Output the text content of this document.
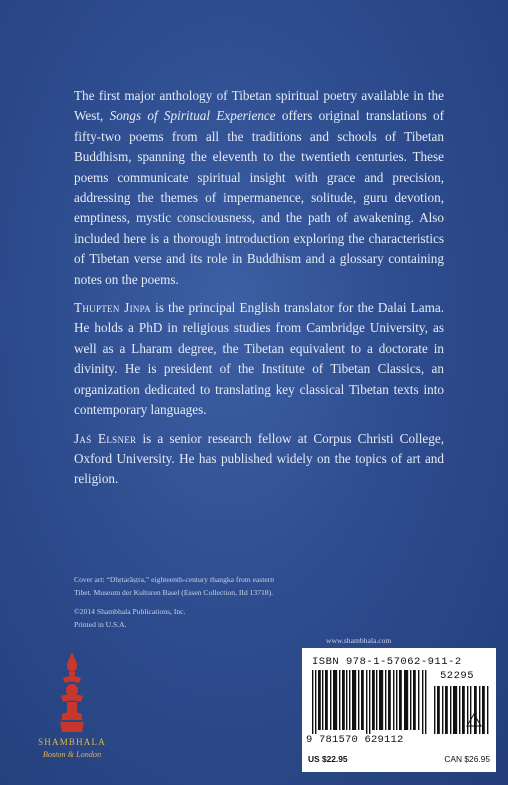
The first major anthology of Tibetan spiritual poetry available in the West, Songs of Spiritual Experience offers original translations of fifty-two poems from all the traditions and schools of Tibetan Buddhism, spanning the eleventh to the twentieth centuries. These poems communicate spiritual insight with grace and precision, addressing the themes of impermanence, solitude, guru devotion, emptiness, mystic consciousness, and the path of awakening. Also included here is a thorough introduction exploring the characteristics of Tibetan verse and its role in Buddhism and a glossary containing notes on the poems.

Thupten Jinpa is the principal English translator for the Dalai Lama. He holds a PhD in religious studies from Cambridge University, as well as a Lharam degree, the Tibetan equivalent to a doctorate in divinity. He is president of the Institute of Tibetan Classics, an organization dedicated to translating key classical Tibetan texts into contemporary languages.

Jaś Elsner is a senior research fellow at Corpus Christi College, Oxford University. He has published widely on the topics of art and religion.

Cover art: “Dhṛtarāṣṭra,” eighteenth-century thangka from eastern
Tibet. Museum der Kulturen Basel (Essen Collection, IId 13718).
©2014 Shambhala Publications, Inc.
Printed in U.S.A.
www.shambhala.com
ISBN 978-1-57062-911-2
52295
9 781570 629112
US $22.95	CAN $26.95
SHAMBHALA
Boston & London
